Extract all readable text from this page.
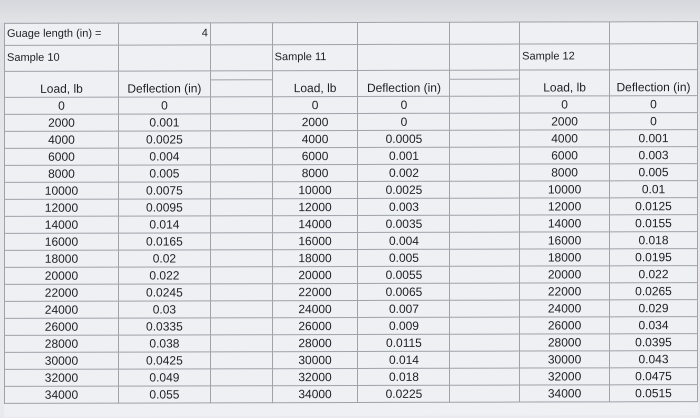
Guage length (in) =	4						
Sample 10			Sample 11			Sample 12	

Load, lb	Deflection (in)		Load, lb	Deflection (in)		Load, lb	Deflection (in)
0	0		0	0		0	0
2000	0.001		2000	0		2000	0
4000	0.0025		4000	0.0005		4000	0.001
6000	0.004		6000	0.001		6000	0.003
8000	0.005		8000	0.002		8000	0.005
10000	0.0075		10000	0.0025		10000	0.01
12000	0.0095		12000	0.003		12000	0.0125
14000	0.014		14000	0.0035		14000	0.0155
16000	0.0165		16000	0.004		16000	0.018
18000	0.02		18000	0.005		18000	0.0195
20000	0.022		20000	0.0055		20000	0.022
22000	0.0245		22000	0.0065		22000	0.0265
24000	0.03		24000	0.007		24000	0.029
26000	0.0335		26000	0.009		26000	0.034
28000	0.038		28000	0.0115		28000	0.0395
30000	0.0425		30000	0.014		30000	0.043
32000	0.049		32000	0.018		32000	0.0475
34000	0.055		34000	0.0225		34000	0.0515
